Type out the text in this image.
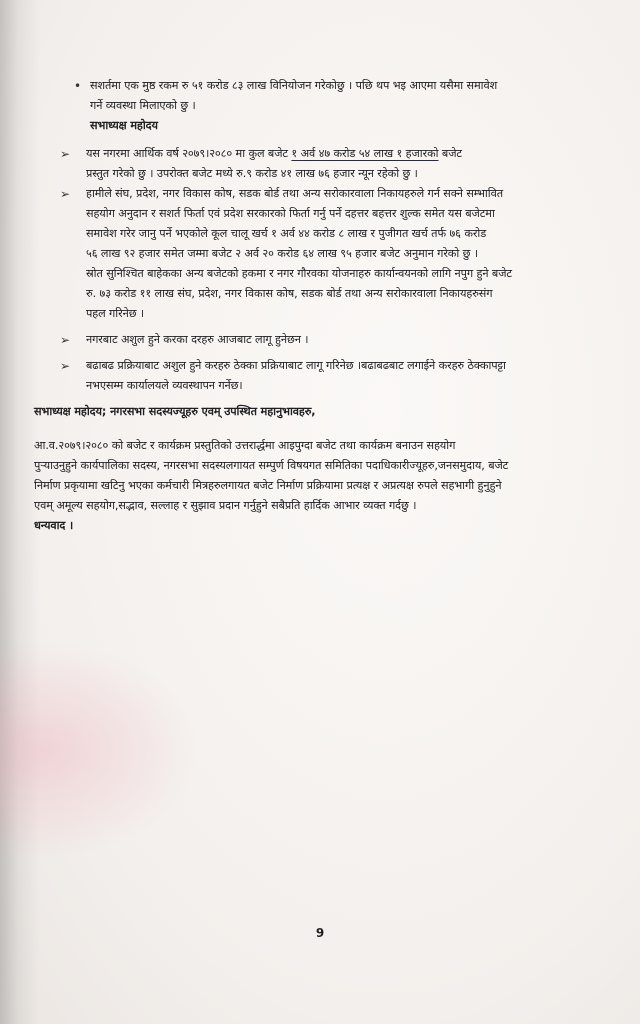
• सशर्तमा एक मुष्ठ रकम रु ५१ करोड ८३ लाख विनियोजन गरेकोछु । पछि थप भइ आएमा यसैमा समावेश
गर्ने व्यवस्था मिलाएको छु ।
सभाध्यक्ष महोदय
➢	यस नगरमा आर्थिक वर्ष २०७९।२०८० मा कुल बजेट १ अर्व ४७ करोड ५४ लाख १ हजारको बजेट
प्रस्तुत गरेको छु । उपरोक्त बजेट मध्ये रु.९ करोड ४१ लाख ७६ हजार न्यून रहेको छु ।
➢	हामीले संघ, प्रदेश, नगर विकास कोष, सडक बोर्ड तथा अन्य सरोकारवाला निकायहरुले गर्न सक्ने सम्भावित
सहयोग अनुदान र सशर्त फिर्ता एवं प्रदेश सरकारको फिर्ता गर्नु पर्ने दहत्तर बहत्तर शुल्क समेत यस बजेटमा
समावेश गरेर जानु पर्ने भएकोले कूल चालू खर्च १ अर्व ४४ करोड ८ लाख र पुजीगत खर्च तर्फ ७६ करोड
५६ लाख ९२ हजार समेत जम्मा बजेट २ अर्व २० करोड ६४ लाख ९५ हजार बजेट अनुमान गरेको छु ।
स्रोत सुनिश्चित बाहेकका अन्य बजेटको हकमा र नगर गौरवका योजनाहरु कार्यान्वयनको लागि नपुग हुने बजेट
रु. ७३ करोड ११ लाख संघ, प्रदेश, नगर विकास कोष, सडक बोर्ड तथा अन्य सरोकारवाला निकायहरुसंग
पहल गरिनेछ ।
➢	नगरबाट अशुल हुने करका दरहरु आजबाट लागू हुनेछन ।
➢	बढाबढ प्रक्रियाबाट अशुल हुने करहरु ठेक्का प्रक्रियाबाट लागू गरिनेछ ।बढाबढबाट लगाईने करहरु ठेक्कापट्टा
नभएसम्म कार्यालयले व्यवस्थापन गर्नेछ।
सभाध्यक्ष महोदय; नगरसभा सदस्यज्यूहरु एवम् उपस्थित महानुभावहरु,
आ.व.२०७९।२०८० को बजेट र कार्यक्रम प्रस्तुतिको उत्तरार्द्धमा आइपुग्दा बजेट तथा कार्यक्रम बनाउन सहयोग
पुऱ्याउनुहुने कार्यपालिका सदस्य, नगरसभा सदस्यलगायत सम्पुर्ण विषयगत समितिका पदाधिकारीज्यूहरु,जनसमुदाय, बजेट
निर्माण प्रकृयामा खटिनु भएका कर्मचारी मित्रहरुलगायत बजेट निर्माण प्रक्रियामा प्रत्यक्ष र अप्रत्यक्ष रुपले सहभागी हुनुहुने
एवम् अमूल्य सहयोग,सद्भाव, सल्लाह र सुझाव प्रदान गर्नुहुने सबैप्रति हार्दिक आभार व्यक्त गर्दछु ।
धन्यवाद ।
9
